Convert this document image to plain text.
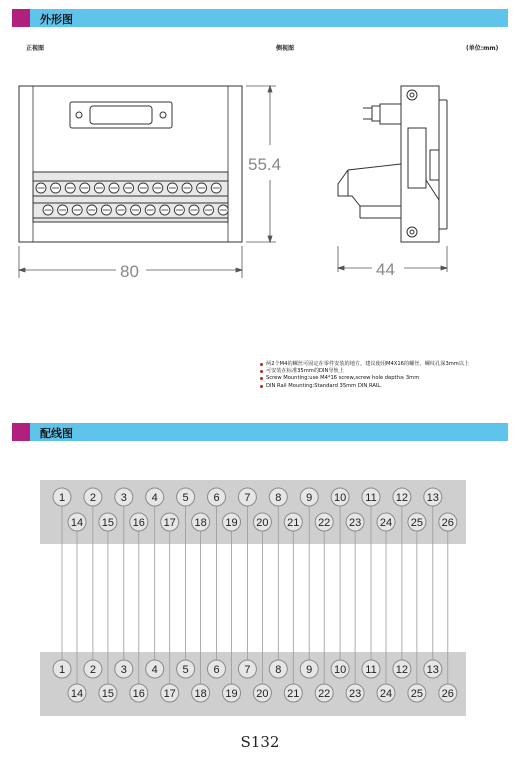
外形图
正视图	侧视图	(单位:mm)
55.4
80	44
1
1
2
2
3
3
4
4
5
5
6
6
7
7
8
8
9
9
10
10
11
11
12
12
13
13
14
14
15
15
16
16
17
17
18
18
19
19
20
20
21
21
22
22
23
23
24
24
25
25
26
26
两2个M4的螺丝可固定在零件安装的地方。建议使用M4X16的螺丝，螺纹孔深3mm以上
可安装在标准35mm的DIN导轨上
Screw Mounting:use M4*16 screw,screw hole depth≥ 3mm
DIN Rail Mounting:Standard 35mm DIN RAIL.
配线图
S132
